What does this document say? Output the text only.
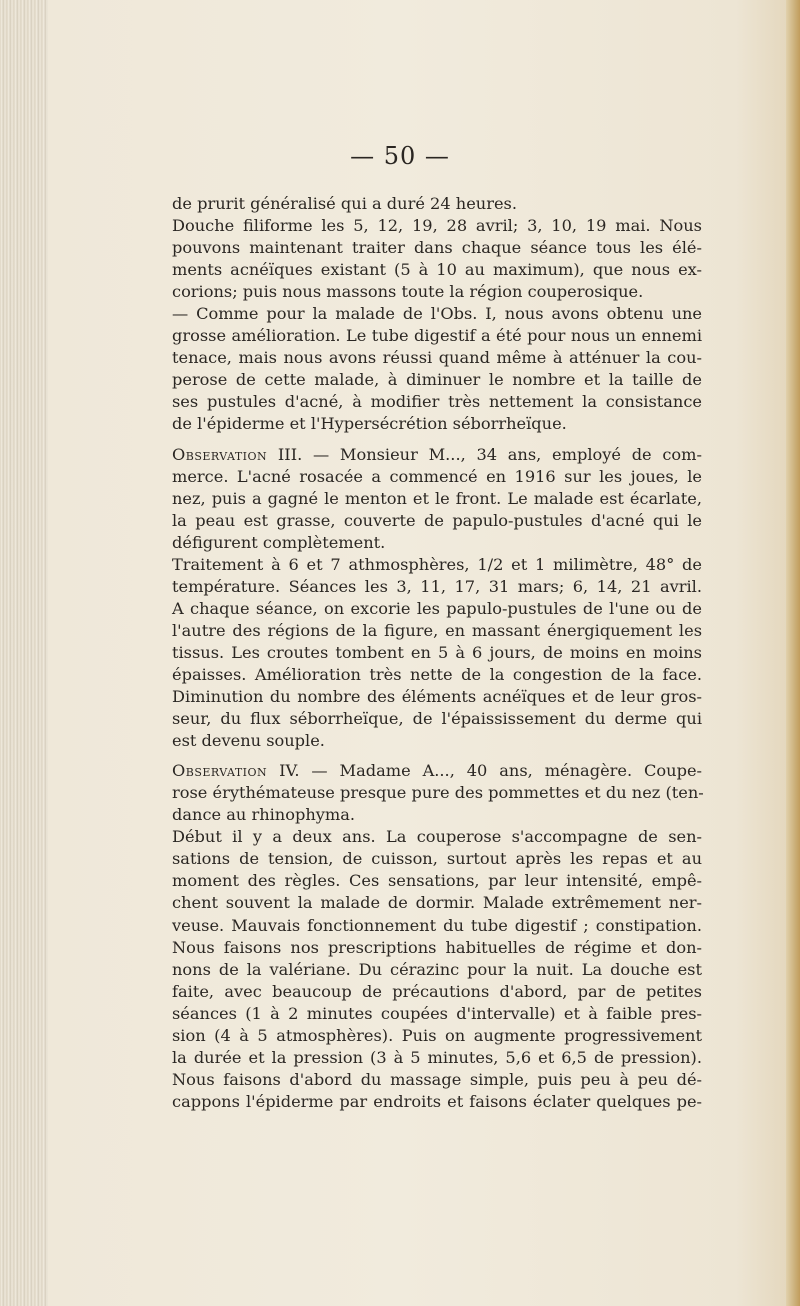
— 50 —
de prurit généralisé qui a duré 24 heures.
Douche filiforme les 5, 12, 19, 28 avril; 3, 10, 19 mai. Nous
pouvons maintenant traiter dans chaque séance tous les élé-
ments acnéïques existant (5 à 10 au maximum), que nous ex-
corions; puis nous massons toute la région couperosique.
— Comme pour la malade de l'Obs. I, nous avons obtenu une
grosse amélioration. Le tube digestif a été pour nous un ennemi
tenace, mais nous avons réussi quand même à atténuer la cou-
perose de cette malade, à diminuer le nombre et la taille de
ses pustules d'acné, à modifier très nettement la consistance
de l'épiderme et l'Hyperséсrétion séborrheïque.
Observation III. — Monsieur M..., 34 ans, employé de com-
merce. L'acné rosacée a commencé en 1916 sur les joues, le
nez, puis a gagné le menton et le front. Le malade est écarlate,
la peau est grasse, couverte de papulo-pustules d'acné qui le
défigurent complètement.
Traitement à 6 et 7 athmosphères, 1/2 et 1 milimètre, 48° de
température. Séances les 3, 11, 17, 31 mars; 6, 14, 21 avril.
A chaque séance, on excorie les papulo-pustules de l'une ou de
l'autre des régions de la figure, en massant énergiquement les
tissus. Les croutes tombent en 5 à 6 jours, de moins en moins
épaisses. Amélioration très nette de la congestion de la face.
Diminution du nombre des éléments acnéïques et de leur gros-
seur, du flux séborrheïque, de l'épaississement du derme qui
est devenu souple.
Observation IV. — Madame A..., 40 ans, ménagère. Coupe-
rose érythémateuse presque pure des pommettes et du nez (ten-
dance au rhinophyma.
Début il y a deux ans. La couperose s'accompagne de sen-
sations de tension, de cuisson, surtout après les repas et au
moment des règles. Ces sensations, par leur intensité, empê-
chent souvent la malade de dormir. Malade extrêmement ner-
veuse. Mauvais fonctionnement du tube digestif ; constipation.
Nous faisons nos prescriptions habituelles de régime et don-
nons de la valériane. Du cérazinc pour la nuit. La douche est
faite, avec beaucoup de précautions d'abord, par de petites
séances (1 à 2 minutes coupées d'intervalle) et à faible pres-
sion (4 à 5 atmosphères). Puis on augmente progressivement
la durée et la pression (3 à 5 minutes, 5,6 et 6,5 de pression).
Nous faisons d'abord du massage simple, puis peu à peu dé-
cappons l'épiderme par endroits et faisons éclater quelques pe-
